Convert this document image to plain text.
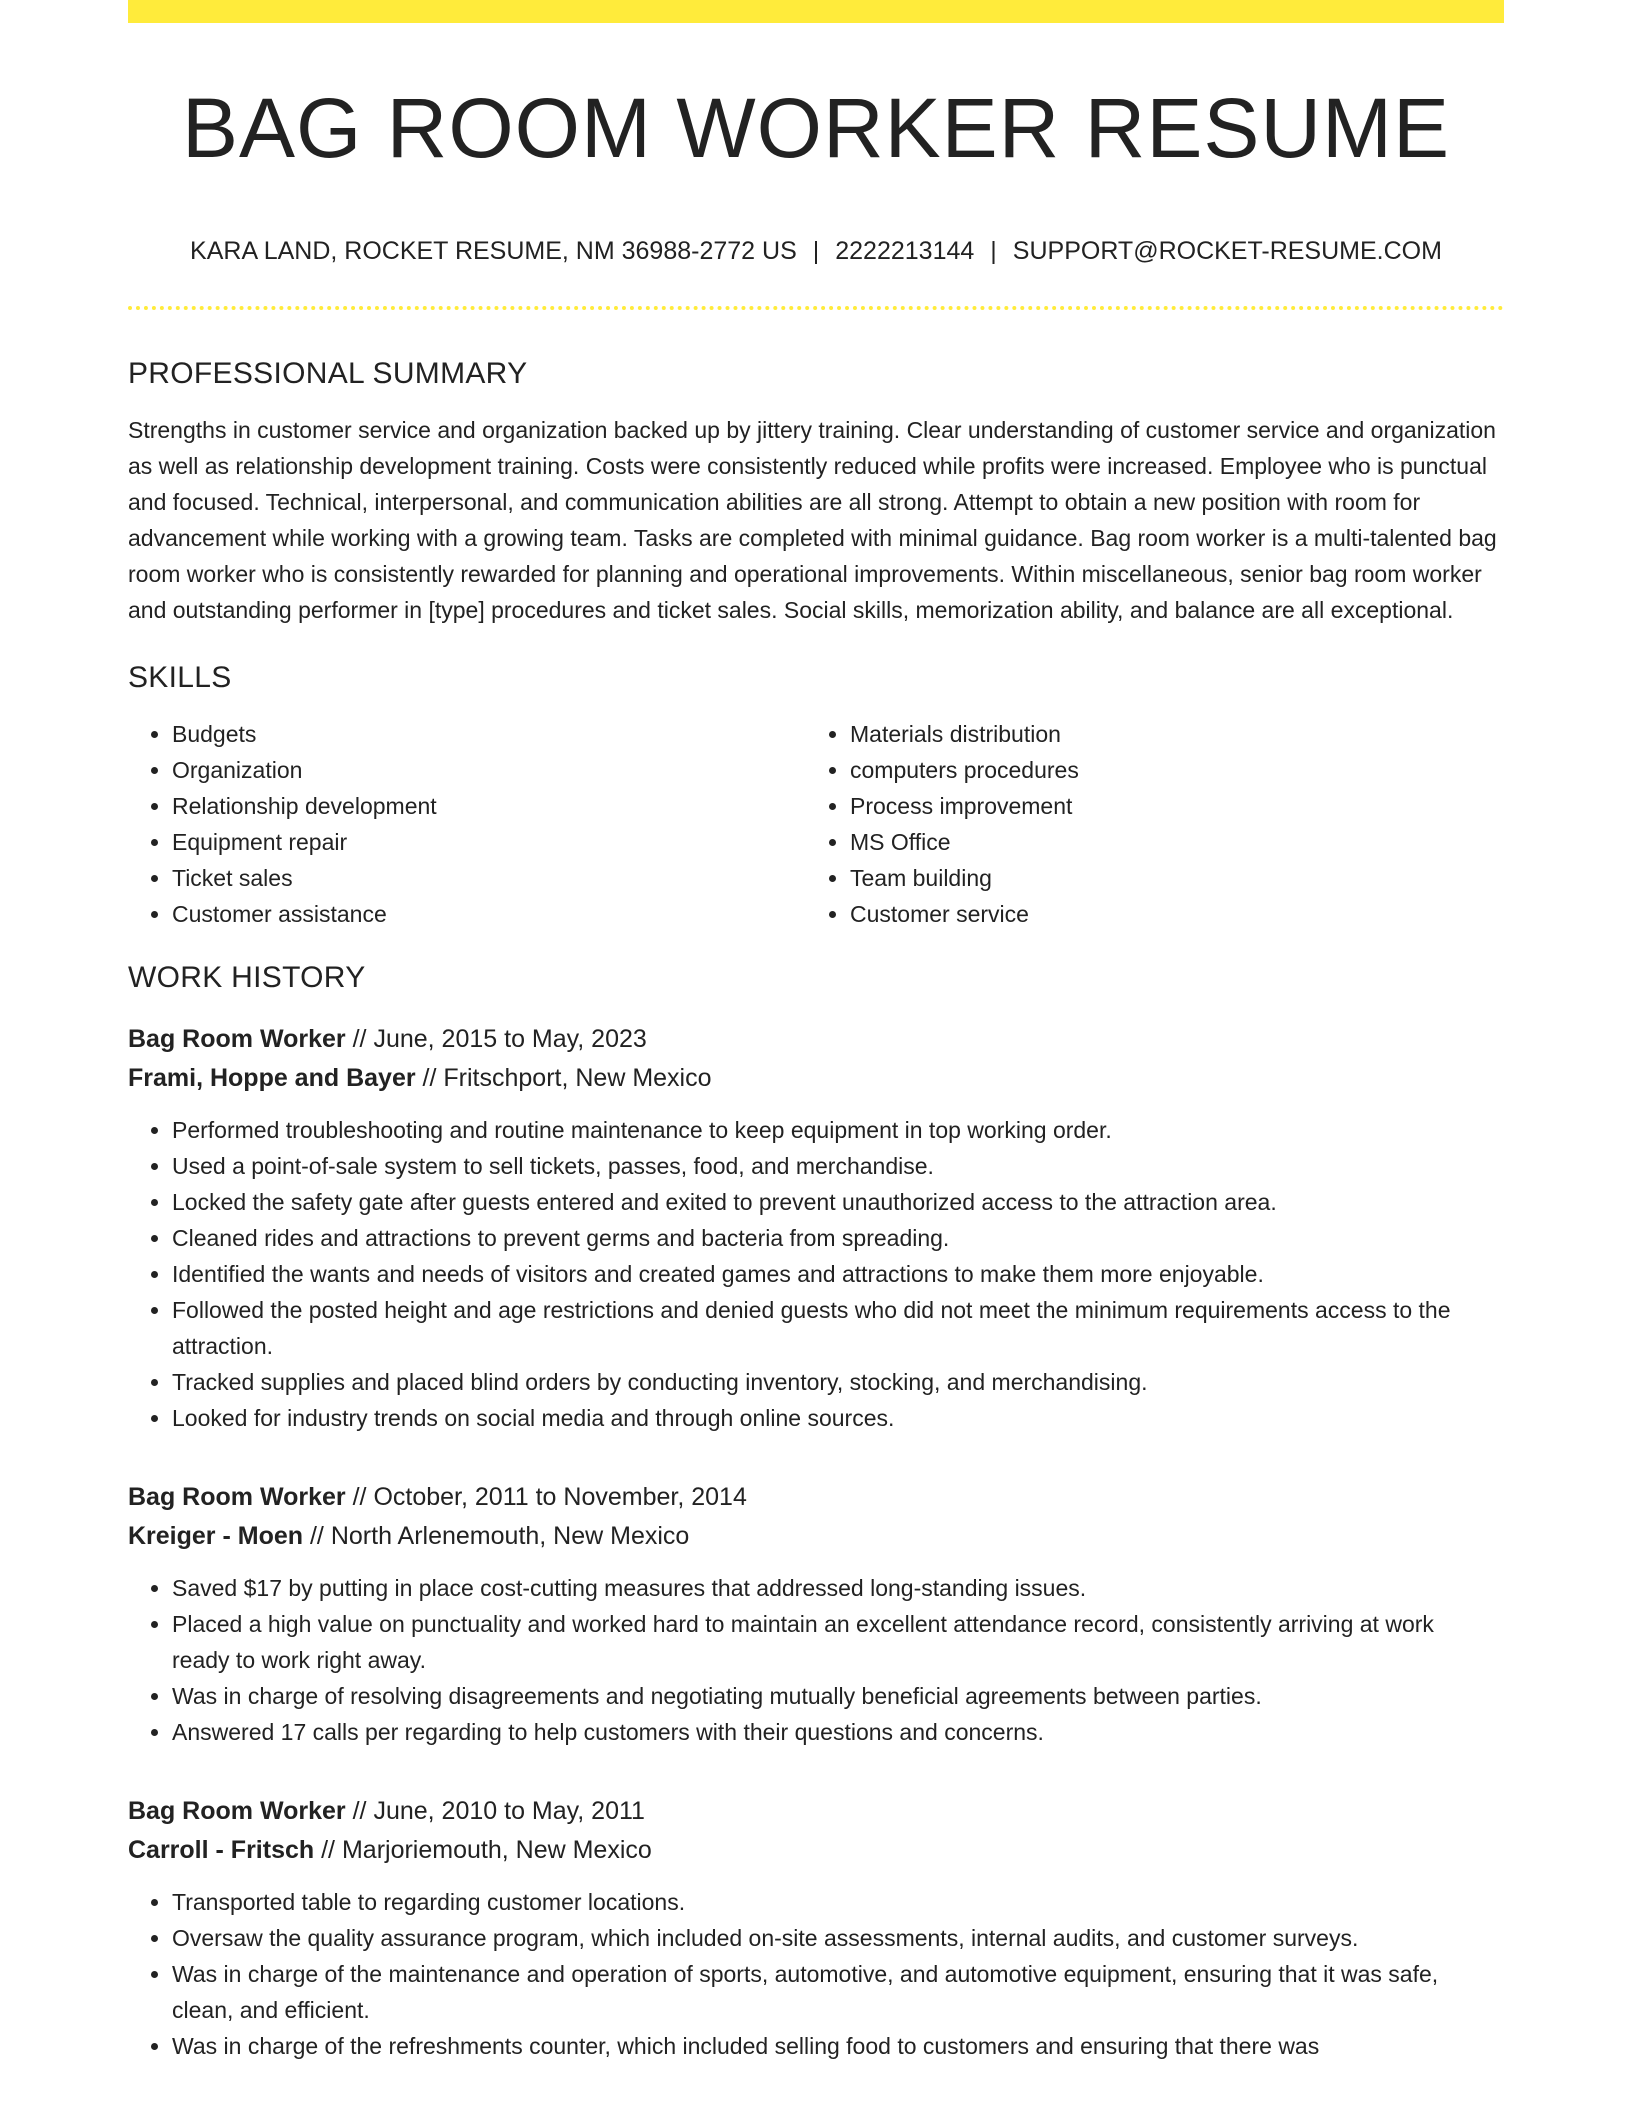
BAG ROOM WORKER RESUME
KARA LAND, ROCKET RESUME, NM 36988-2772 US | 2222213144 | SUPPORT@ROCKET-RESUME.COM
PROFESSIONAL SUMMARY

Strengths in customer service and organization backed up by jittery training. Clear understanding of customer service and organization as well as relationship development training. Costs were consistently reduced while profits were increased. Employee who is punctual and focused. Technical, interpersonal, and communication abilities are all strong. Attempt to obtain a new position with room for advancement while working with a growing team. Tasks are completed with minimal guidance. Bag room worker is a multi-talented bag room worker who is consistently rewarded for planning and operational improvements. Within miscellaneous, senior bag room worker and outstanding performer in [type] procedures and ticket sales. Social skills, memorization ability, and balance are all exceptional.

SKILLS
• Budgets
• Organization
• Relationship development
• Equipment repair
• Ticket sales
• Customer assistance
• Materials distribution
• computers procedures
• Process improvement
• MS Office
• Team building
• Customer service
WORK HISTORY
Bag Room Worker // June, 2015 to May, 2023
Frami, Hoppe and Bayer // Fritschport, New Mexico
• Performed troubleshooting and routine maintenance to keep equipment in top working order.
• Used a point-of-sale system to sell tickets, passes, food, and merchandise.
• Locked the safety gate after guests entered and exited to prevent unauthorized access to the attraction area.
• Cleaned rides and attractions to prevent germs and bacteria from spreading.
• Identified the wants and needs of visitors and created games and attractions to make them more enjoyable.
• Followed the posted height and age restrictions and denied guests who did not meet the minimum requirements access to the attraction.
• Tracked supplies and placed blind orders by conducting inventory, stocking, and merchandising.
• Looked for industry trends on social media and through online sources.
Bag Room Worker // October, 2011 to November, 2014
Kreiger - Moen // North Arlenemouth, New Mexico
• Saved $17 by putting in place cost-cutting measures that addressed long-standing issues.
• Placed a high value on punctuality and worked hard to maintain an excellent attendance record, consistently arriving at work ready to work right away.
• Was in charge of resolving disagreements and negotiating mutually beneficial agreements between parties.
• Answered 17 calls per regarding to help customers with their questions and concerns.
Bag Room Worker // June, 2010 to May, 2011
Carroll - Fritsch // Marjoriemouth, New Mexico
• Transported table to regarding customer locations.
• Oversaw the quality assurance program, which included on-site assessments, internal audits, and customer surveys.
• Was in charge of the maintenance and operation of sports, automotive, and automotive equipment, ensuring that it was safe, clean, and efficient.
• Was in charge of the refreshments counter, which included selling food to customers and ensuring that there was
